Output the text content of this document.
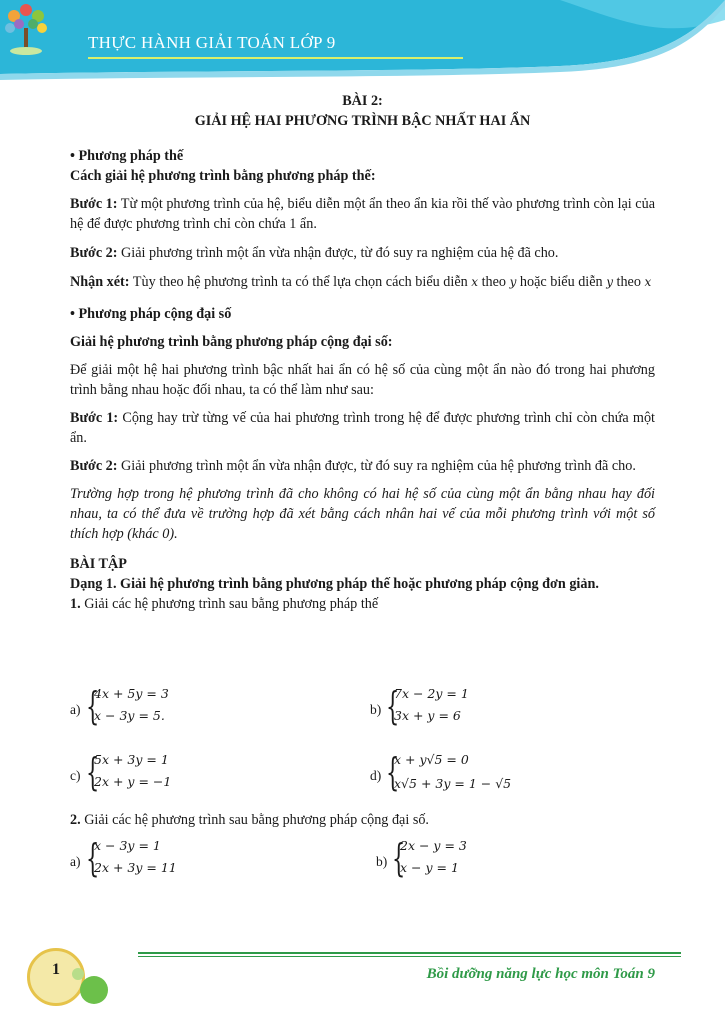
THỰC HÀNH GIẢI TOÁN LỚP 9
BÀI 2:
GIẢI HỆ HAI PHƯƠNG TRÌNH BẬC NHẤT HAI ẨN
• Phương pháp thế
Cách giải hệ phương trình bằng phương pháp thế:

Bước 1: Từ một phương trình của hệ, biểu diễn một ẩn theo ẩn kia rồi thế vào phương trình còn lại của hệ để được phương trình chỉ còn chứa 1 ẩn.

Bước 2: Giải phương trình một ẩn vừa nhận được, từ đó suy ra nghiệm của hệ đã cho.

Nhận xét: Tùy theo hệ phương trình ta có thể lựa chọn cách biểu diễn x theo y hoặc biểu diễn y theo x

• Phương pháp cộng đại số
Giải hệ phương trình bằng phương pháp cộng đại số:

Để giải một hệ hai phương trình bậc nhất hai ẩn có hệ số của cùng một ẩn nào đó trong hai phương trình bằng nhau hoặc đối nhau, ta có thể làm như sau:

Bước 1: Cộng hay trừ từng vế của hai phương trình trong hệ để được phương trình chỉ còn chứa một ẩn.

Bước 2: Giải phương trình một ẩn vừa nhận được, từ đó suy ra nghiệm của hệ phương trình đã cho.

Trường hợp trong hệ phương trình đã cho không có hai hệ số của cùng một ẩn bằng nhau hay đối nhau, ta có thể đưa về trường hợp đã xét bằng cách nhân hai vế của mỗi phương trình với một số thích hợp (khác 0).

BÀI TẬP
Dạng 1. Giải hệ phương trình bằng phương pháp thế hoặc phương pháp cộng đơn giản.
1. Giải các hệ phương trình sau bằng phương pháp thế
a) {
4x + 5y = 3
x − 3y = 5.	b) {
7x − 2y = 1
3x + y = 6
c) {
5x + 3y = 1
2x + y = −1	d) {
x + y√5 = 0
x√5 + 3y = 1 − √5
2. Giải các hệ phương trình sau bằng phương pháp cộng đại số.
a) {
x − 3y = 1
2x + 3y = 11	b) {
2x − y = 3
x − y = 1
1	Bồi dưỡng năng lực học môn Toán 9
